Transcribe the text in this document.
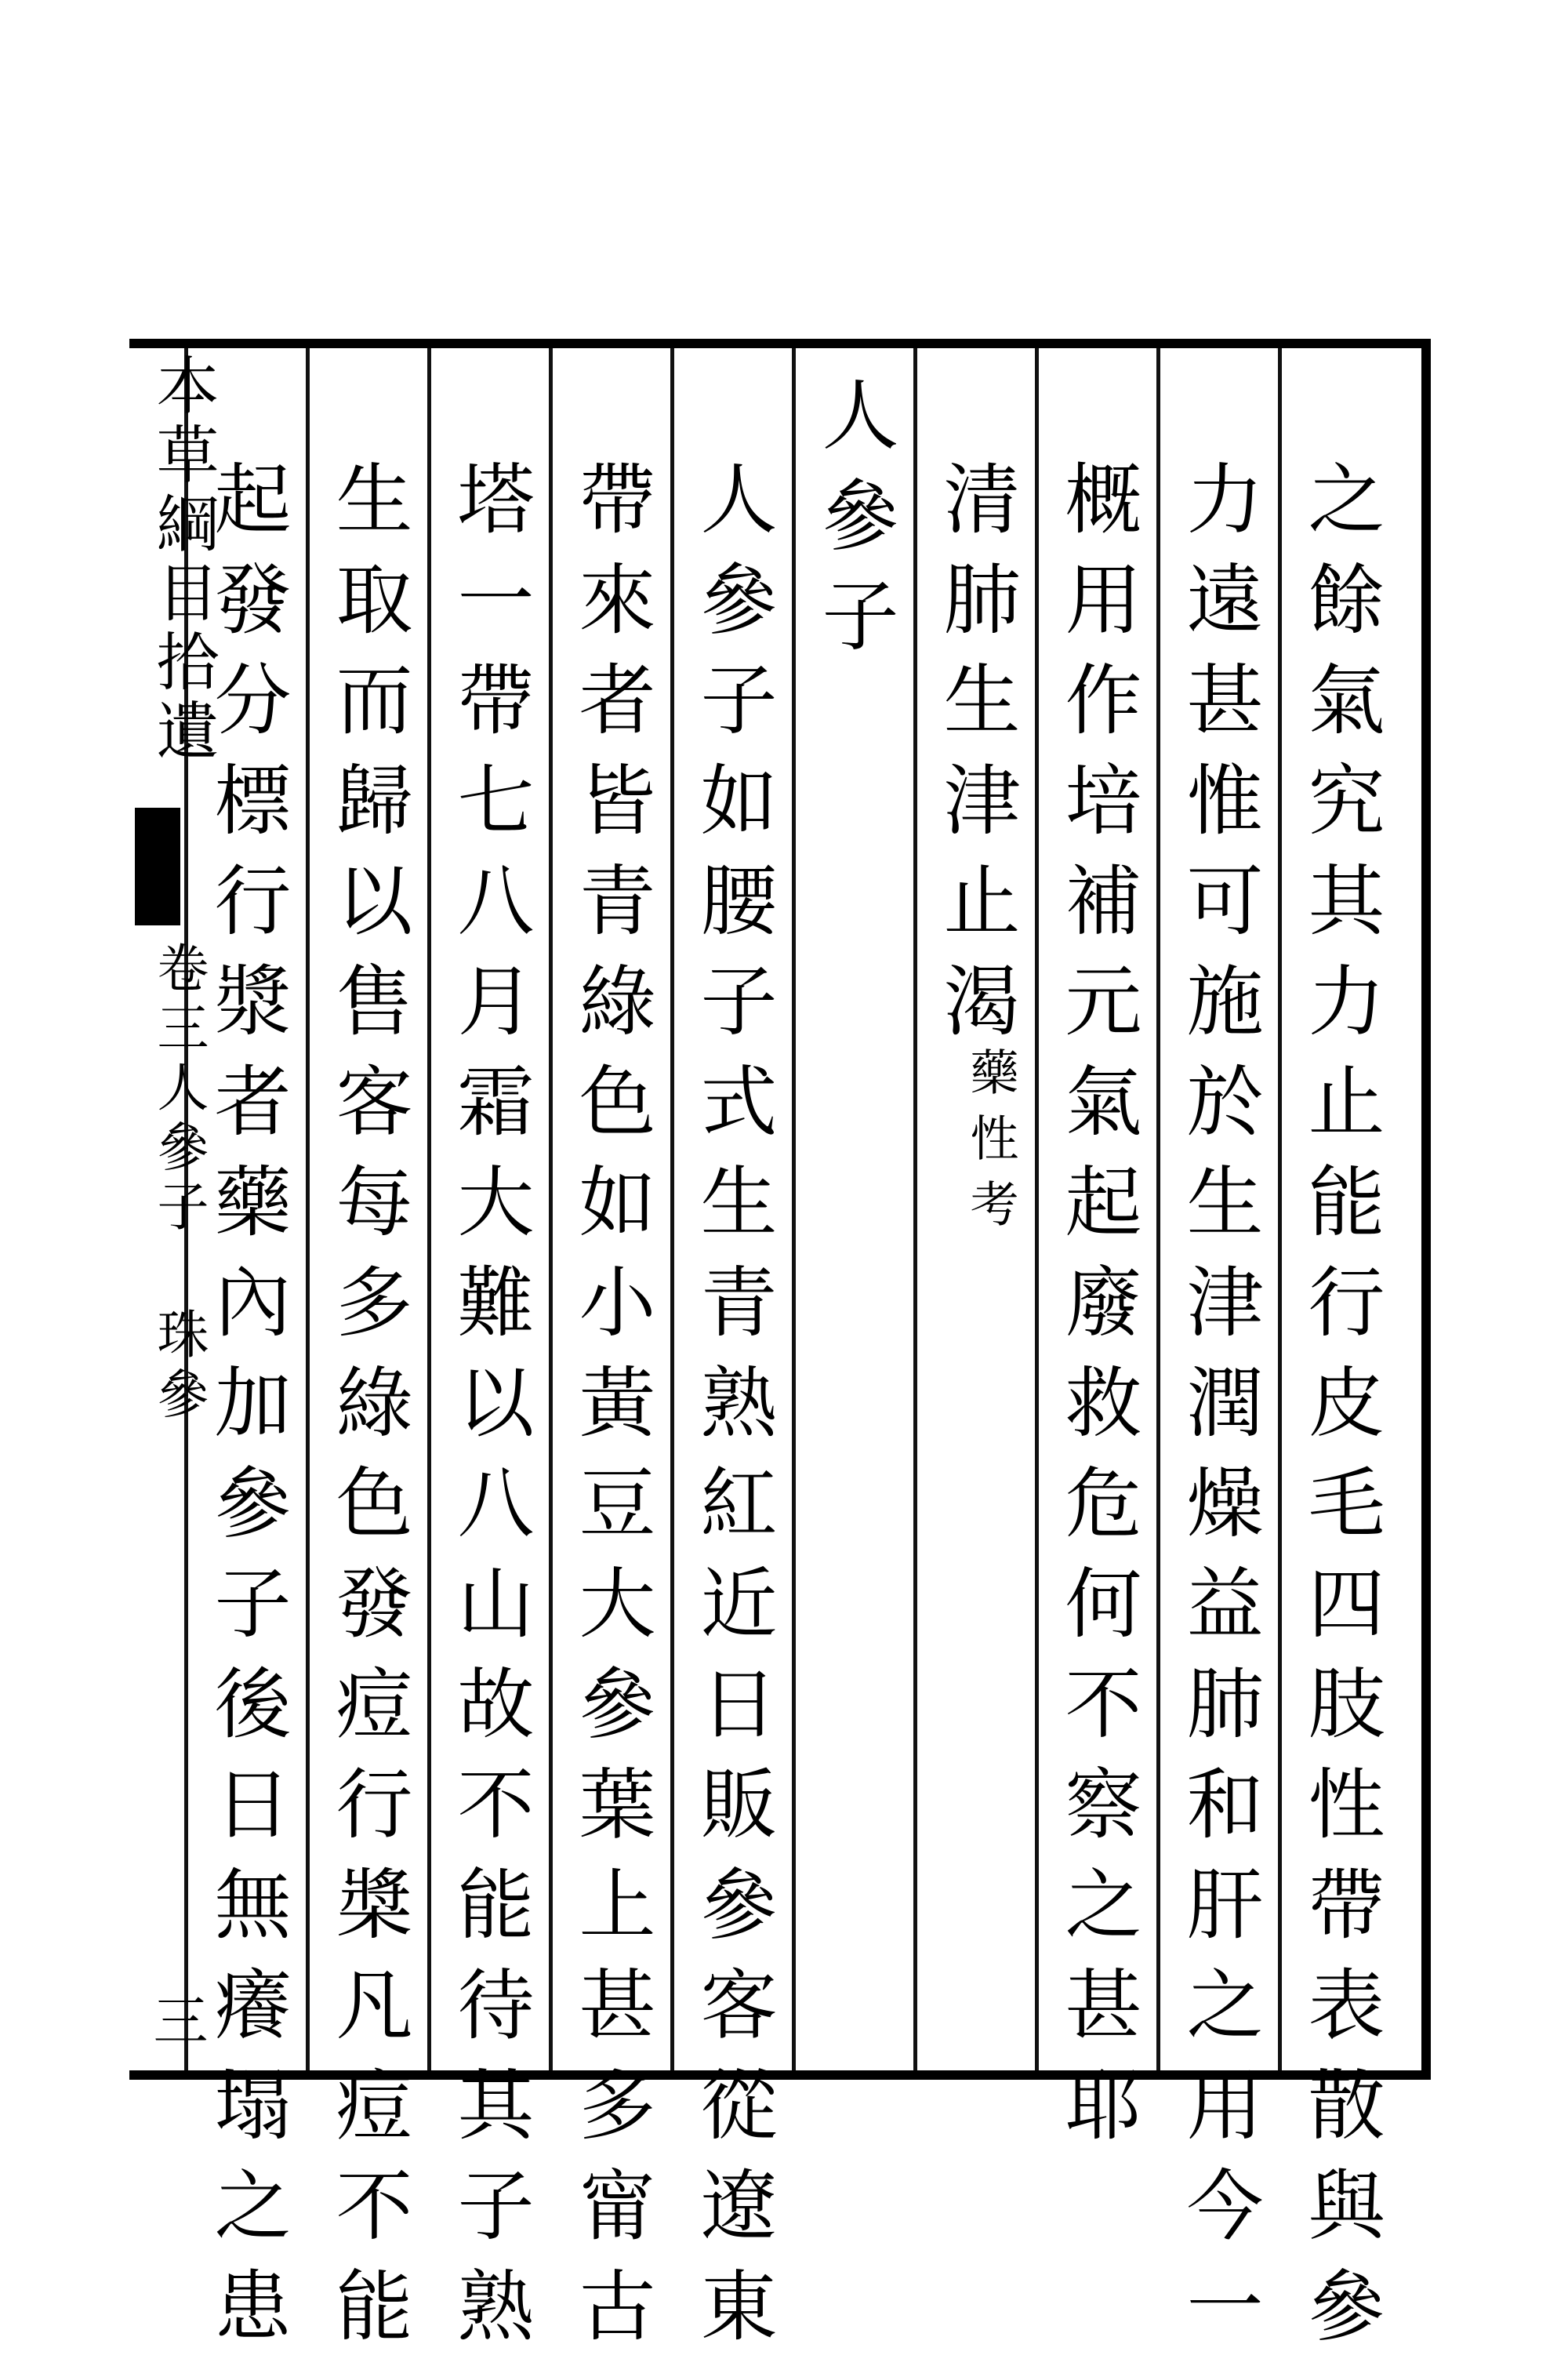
本草綱目拾遺
卷三人參子 珠參
三	之餘氣究其力止能行皮毛四肢性帶表散與參
力遠甚惟可施於生津潤燥益肺和肝之用今一
概用作培補元氣起廢救危何不察之甚耶
清肺生津止渴
藥性考
人參子
人參子如腰子式生青熟紅近日販參客從遼東
帶來者皆青綠色如小黃豆大參葉上甚多甯古
塔一帶七八月霜大難以八山故不能待其子熟
生取而歸以售客每多綠色發痘行槳凡痘不能
起發分標行漿者藥內加參子後日無癢塌之患
